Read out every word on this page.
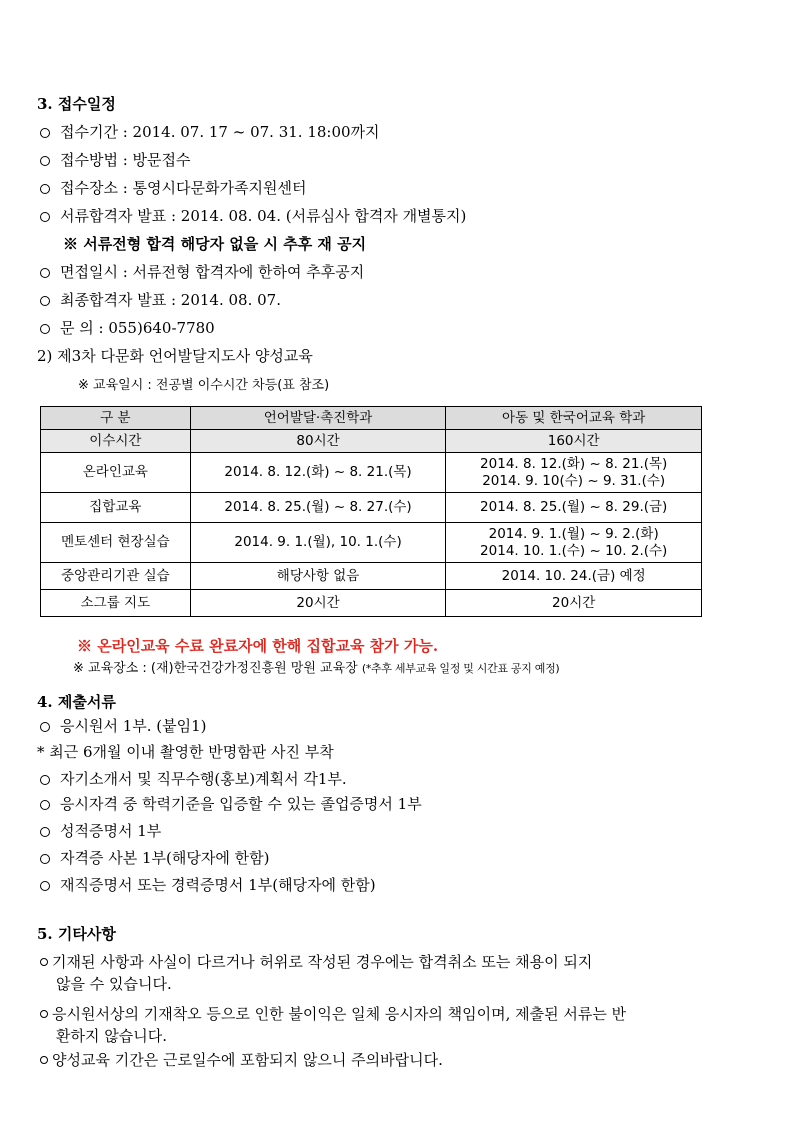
3. 접수일정
접수기간 : 2014. 07. 17 ~ 07. 31. 18:00까지
접수방법 : 방문접수
접수장소 : 통영시다문화가족지원센터
서류합격자 발표 : 2014. 08. 04. (서류심사 합격자 개별통지)
※ 서류전형 합격 해당자 없을 시 추후 재 공지
면접일시 : 서류전형 합격자에 한하여 추후공지
최종합격자 발표 : 2014. 08. 07.
문 의 : 055)640-7780
2) 제3차 다문화 언어발달지도사 양성교육
※ 교육일시 : 전공별 이수시간 차등(표 참조)
구 분	언어발달·촉진학과	아동 및 한국어교육 학과
이수시간	80시간	160시간
온라인교육	2014. 8. 12.(화) ~ 8. 21.(목)	2014. 8. 12.(화) ~ 8. 21.(목)
2014. 9. 10(수) ~ 9. 31.(수)

집합교육	2014. 8. 25.(월) ~ 8. 27.(수)	2014. 8. 25.(월) ~ 8. 29.(금)
멘토센터 현장실습	2014. 9. 1.(월), 10. 1.(수)	2014. 9. 1.(월) ~ 9. 2.(화)
2014. 10. 1.(수) ~ 10. 2.(수)

중앙관리기관 실습	해당사항 없음	2014. 10. 24.(금) 예정
소그룹 지도	20시간	20시간
※ 온라인교육 수료 완료자에 한해 집합교육 참가 가능.
※ 교육장소 : (재)한국건강가정진흥원 망원 교육장 (*추후 세부교육 일정 및 시간표 공지 예정)
4. 제출서류
응시원서 1부. (붙임1)
* 최근 6개월 이내 촬영한 반명함판 사진 부착
자기소개서 및 직무수행(홍보)계획서 각1부.
응시자격 중 학력기준을 입증할 수 있는 졸업증명서 1부
성적증명서 1부
자격증 사본 1부(해당자에 한함)
재직증명서 또는 경력증명서 1부(해당자에 한함)
5. 기타사항
기재된 사항과 사실이 다르거나 허위로 작성된 경우에는 합격취소 또는 채용이 되지
않을 수 있습니다.
응시원서상의 기재착오 등으로 인한 불이익은 일체 응시자의 책임이며, 제출된 서류는 반
환하지 않습니다.
양성교육 기간은 근로일수에 포함되지 않으니 주의바랍니다.
